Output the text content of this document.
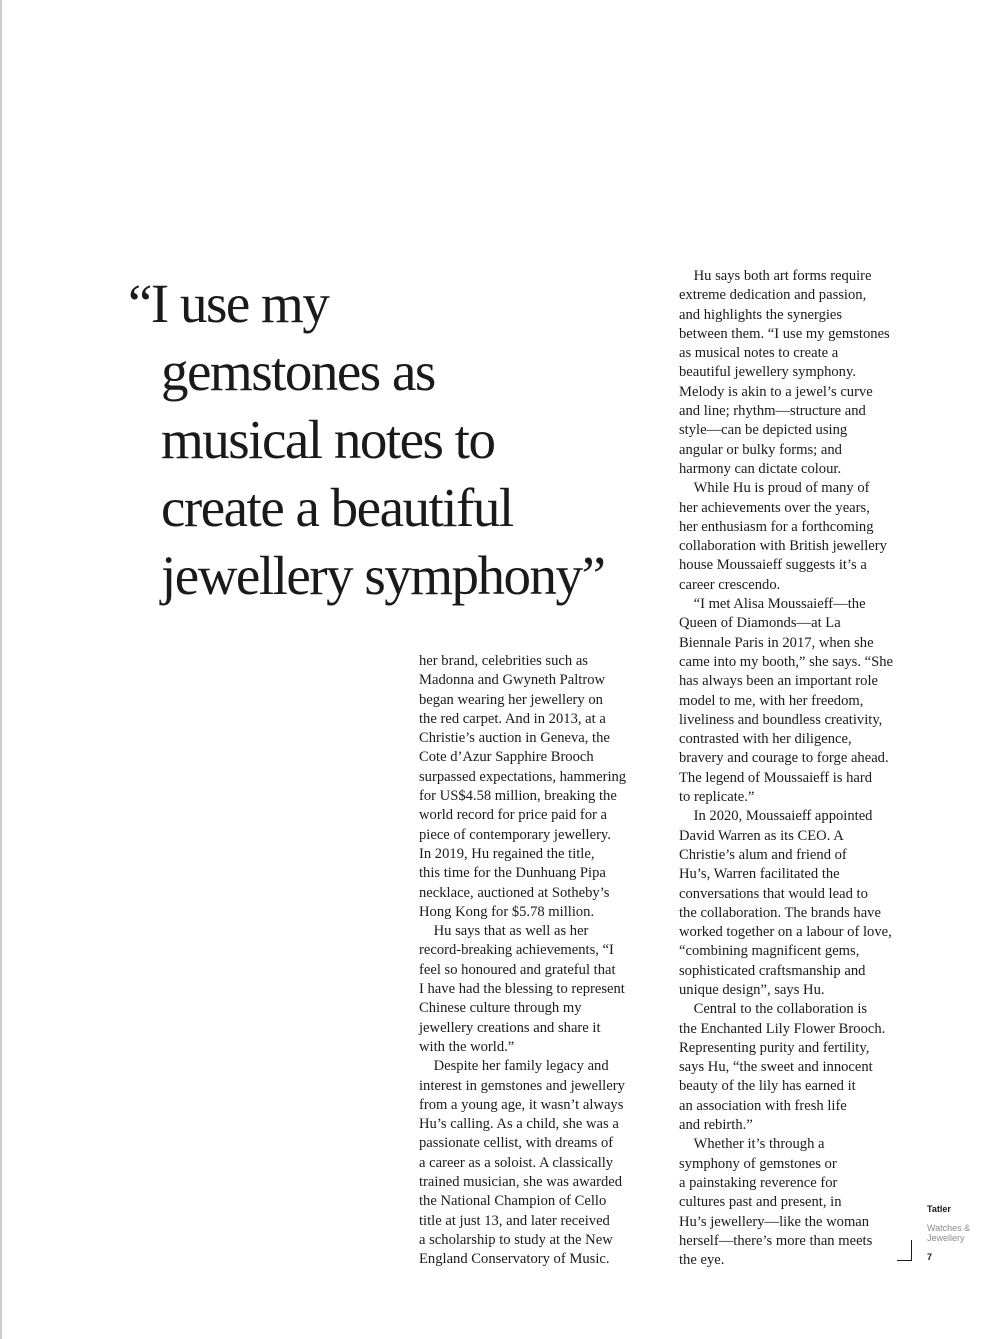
“I use my
gemstones as
musical notes to
create a beautiful
jewellery symphony”
her brand, celebrities such as
Madonna and Gwyneth Paltrow
began wearing her jewellery on
the red carpet. And in 2013, at a
Christie’s auction in Geneva, the
Cote d’Azur Sapphire Brooch
surpassed expectations, hammering
for US$4.58 million, breaking the
world record for price paid for a
piece of contemporary jewellery.
In 2019, Hu regained the title,
this time for the Dunhuang Pipa
necklace, auctioned at Sotheby’s
Hong Kong for $5.78 million.
 Hu says that as well as her
record-breaking achievements, “I
feel so honoured and grateful that
I have had the blessing to represent
Chinese culture through my
jewellery creations and share it
with the world.”
 Despite her family legacy and
interest in gemstones and jewellery
from a young age, it wasn’t always
Hu’s calling. As a child, she was a
passionate cellist, with dreams of
a career as a soloist. A classically
trained musician, she was awarded
the National Champion of Cello
title at just 13, and later received
a scholarship to study at the New
England Conservatory of Music.
 Hu says both art forms require
extreme dedication and passion,
and highlights the synergies
between them. “I use my gemstones
as musical notes to create a
beautiful jewellery symphony.
Melody is akin to a jewel’s curve
and line; rhythm—structure and
style—can be depicted using
angular or bulky forms; and
harmony can dictate colour.
 While Hu is proud of many of
her achievements over the years,
her enthusiasm for a forthcoming
collaboration with British jewellery
house Moussaieff suggests it’s a
career crescendo.
 “I met Alisa Moussaieff—the
Queen of Diamonds—at La
Biennale Paris in 2017, when she
came into my booth,” she says. “She
has always been an important role
model to me, with her freedom,
liveliness and boundless creativity,
contrasted with her diligence,
bravery and courage to forge ahead.
The legend of Moussaieff is hard
to replicate.”
 In 2020, Moussaieff appointed
David Warren as its CEO. A
Christie’s alum and friend of
Hu’s, Warren facilitated the
conversations that would lead to
the collaboration. The brands have
worked together on a labour of love,
“combining magnificent gems,
sophisticated craftsmanship and
unique design”, says Hu.
 Central to the collaboration is
the Enchanted Lily Flower Brooch.
Representing purity and fertility,
says Hu, “the sweet and innocent
beauty of the lily has earned it
an association with fresh life
and rebirth.”
 Whether it’s through a
symphony of gemstones or
a painstaking reverence for
cultures past and present, in
Hu’s jewellery—like the woman
herself—there’s more than meets
the eye.
Tatler
Watches & Jewellery
7
